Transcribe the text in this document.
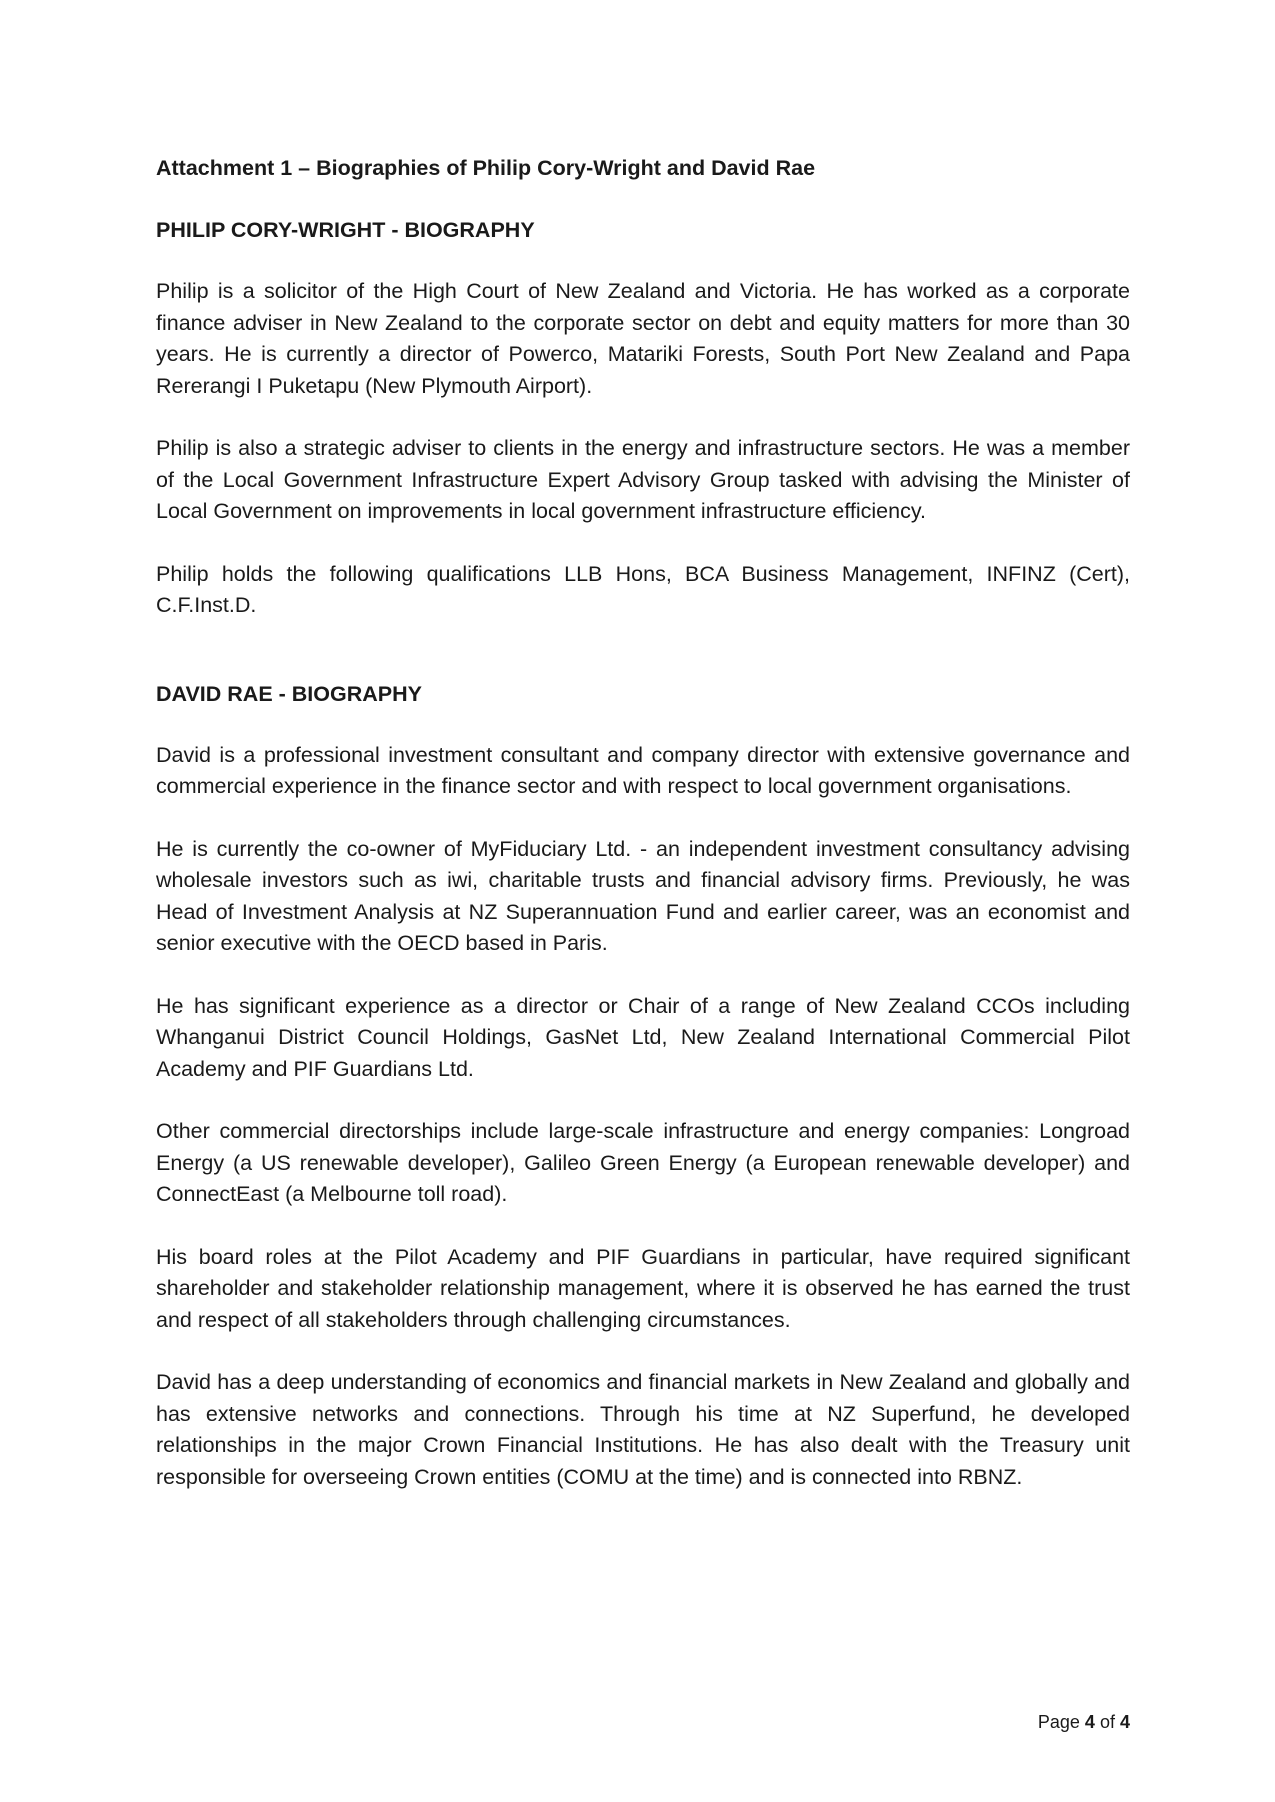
Attachment 1 – Biographies of Philip Cory-Wright and David Rae
PHILIP CORY-WRIGHT - BIOGRAPHY

Philip is a solicitor of the High Court of New Zealand and Victoria. He has worked as a corporate finance adviser in New Zealand to the corporate sector on debt and equity matters for more than 30 years. He is currently a director of Powerco, Matariki Forests, South Port New Zealand and Papa Rererangi I Puketapu (New Plymouth Airport).

Philip is also a strategic adviser to clients in the energy and infrastructure sectors. He was a member of the Local Government Infrastructure Expert Advisory Group tasked with advising the Minister of Local Government on improvements in local government infrastructure efficiency.

Philip holds the following qualifications LLB Hons, BCA Business Management, INFINZ (Cert), C.F.Inst.D.

DAVID RAE - BIOGRAPHY

David is a professional investment consultant and company director with extensive governance and commercial experience in the finance sector and with respect to local government organisations.

He is currently the co-owner of MyFiduciary Ltd. - an independent investment consultancy advising wholesale investors such as iwi, charitable trusts and financial advisory firms. Previously, he was Head of Investment Analysis at NZ Superannuation Fund and earlier career, was an economist and senior executive with the OECD based in Paris.

He has significant experience as a director or Chair of a range of New Zealand CCOs including Whanganui District Council Holdings, GasNet Ltd, New Zealand International Commercial Pilot Academy and PIF Guardians Ltd.

Other commercial directorships include large-scale infrastructure and energy companies: Longroad Energy (a US renewable developer), Galileo Green Energy (a European renewable developer) and ConnectEast (a Melbourne toll road).

His board roles at the Pilot Academy and PIF Guardians in particular, have required significant shareholder and stakeholder relationship management, where it is observed he has earned the trust and respect of all stakeholders through challenging circumstances.

David has a deep understanding of economics and financial markets in New Zealand and globally and has extensive networks and connections. Through his time at NZ Superfund, he developed relationships in the major Crown Financial Institutions. He has also dealt with the Treasury unit responsible for overseeing Crown entities (COMU at the time) and is connected into RBNZ.

Page 4 of 4
